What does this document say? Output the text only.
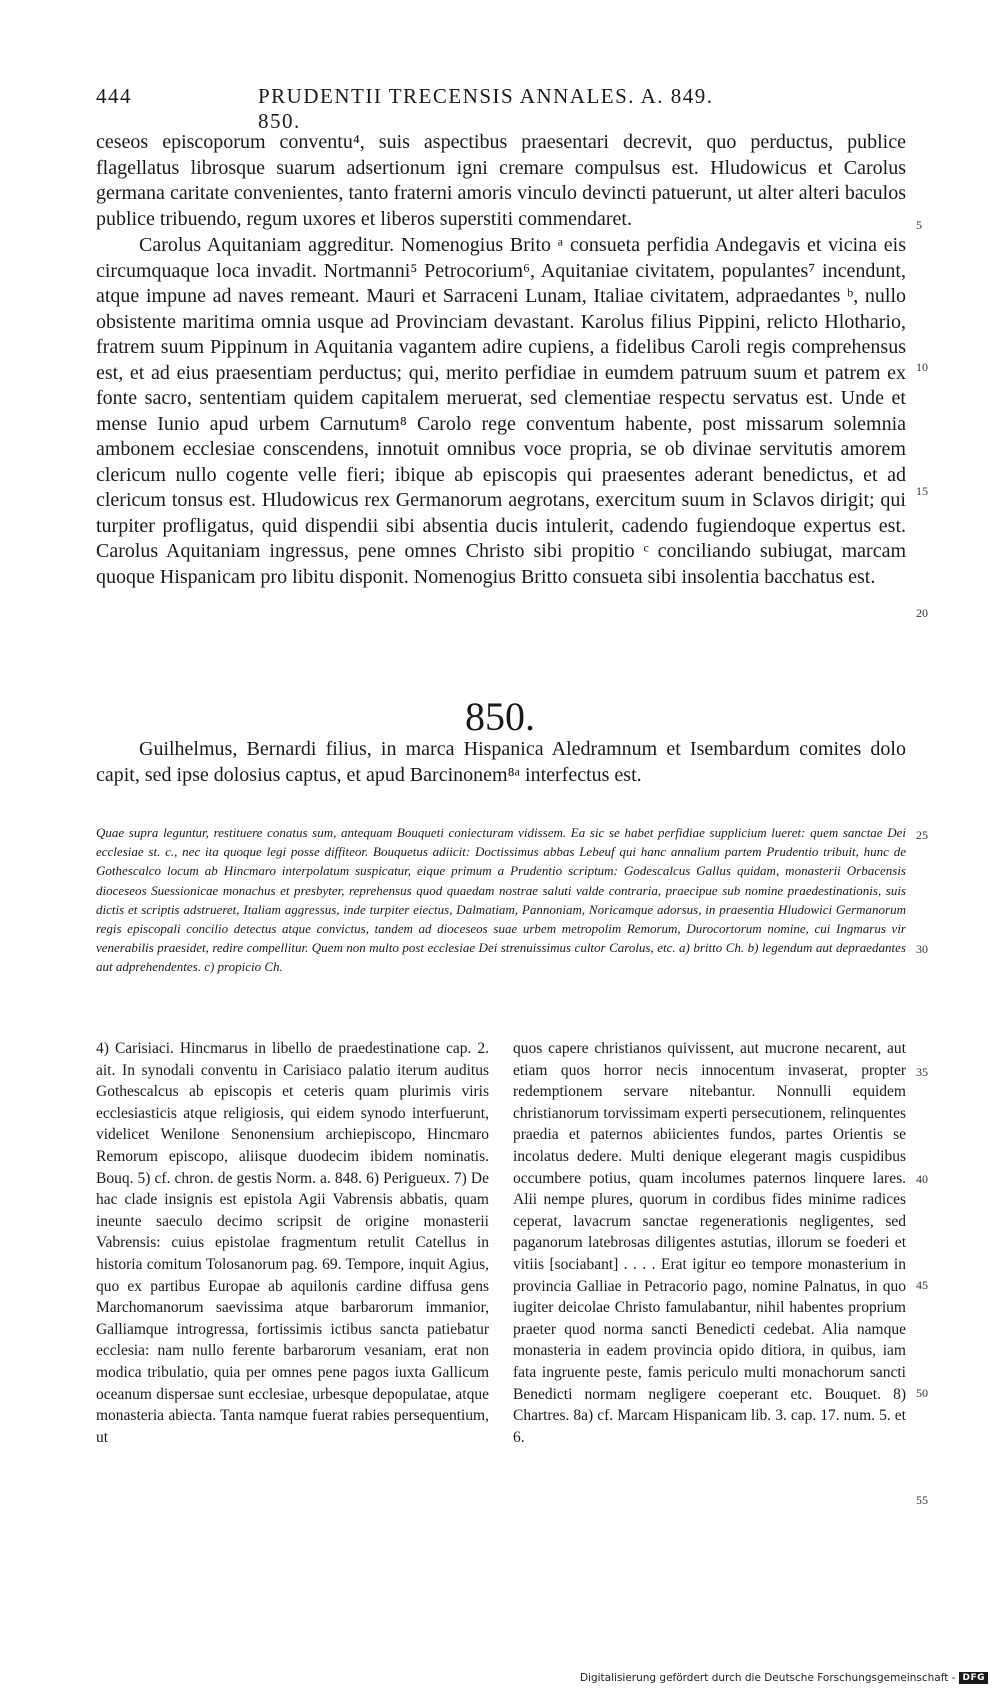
444	PRUDENTII TRECENSIS ANNALES. A. 849. 850.

ceseos episcoporum conventu⁴, suis aspectibus praesentari decrevit, quo perductus, publice flagellatus librosque suarum adsertionum igni cremare compulsus est. Hludowicus et Carolus germana caritate convenientes, tanto fraterni amoris vinculo devincti patuerunt, ut alter alteri baculos publice tribuendo, regum uxores et liberos superstiti commendaret.

Carolus Aquitaniam aggreditur. Nomenogius Brito ᵃ consueta perfidia Andegavis et vicina eis circumquaque loca invadit. Nortmanni⁵ Petrocorium⁶, Aquitaniae civitatem, populantes⁷ incendunt, atque impune ad naves remeant. Mauri et Sarraceni Lunam, Italiae civitatem, adpraedantes ᵇ, nullo obsistente maritima omnia usque ad Provinciam devastant. Karolus filius Pippini, relicto Hlothario, fratrem suum Pippinum in Aquitania vagantem adire cupiens, a fidelibus Caroli regis comprehensus est, et ad eius praesentiam perductus; qui, merito perfidiae in eumdem patruum suum et patrem ex fonte sacro, sententiam quidem capitalem meruerat, sed clementiae respectu servatus est. Unde et mense Iunio apud urbem Carnutum⁸ Carolo rege conventum habente, post missarum solemnia ambonem ecclesiae conscendens, innotuit omnibus voce propria, se ob divinae servitutis amorem clericum nullo cogente velle fieri; ibique ab episcopis qui praesentes aderant benedictus, et ad clericum tonsus est. Hludowicus rex Germanorum aegrotans, exercitum suum in Sclavos dirigit; qui turpiter profligatus, quid dispendii sibi absentia ducis intulerit, cadendo fugiendoque expertus est. Carolus Aquitaniam ingressus, pene omnes Christo sibi propitio ᶜ conciliando subiugat, marcam quoque Hispanicam pro libitu disponit. Nomenogius Britto consueta sibi insolentia bacchatus est.

850.

Guilhelmus, Bernardi filius, in marca Hispanica Aledramnum et Isembardum comites dolo capit, sed ipse dolosius captus, et apud Barcinonem⁸ᵃ interfectus est.

Quae supra leguntur, restituere conatus sum, antequam Bouqueti coniecturam vidissem. Ea sic se habet perfidiae supplicium lueret: quem sanctae Dei ecclesiae st. c., nec ita quoque legi posse diffiteor. Bouquetus adiicit: Doctissimus abbas Lebeuf qui hanc annalium partem Prudentio tribuit, hunc de Gothescalco locum ab Hincmaro interpolatum suspicatur, eique primum a Prudentio scriptum: Godescalcus Gallus quidam, monasterii Orbacensis dioceseos Suessionicae monachus et presbyter, reprehensus quod quaedam nostrae saluti valde contraria, praecipue sub nomine praedestinationis, suis dictis et scriptis adstrueret, Italiam aggressus, inde turpiter eiectus, Dalmatiam, Pannoniam, Noricamque adorsus, in praesentia Hludowici Germanorum regis episcopali concilio detectus atque convictus, tandem ad dioceseos suae urbem metropolim Remorum, Durocortorum nomine, cui Ingmarus vir venerabilis praesidet, redire compellitur. Quem non multo post ecclesiae Dei strenuissimus cultor Carolus, etc. a) britto Ch. b) legendum aut depraedantes aut adprehendentes. c) propicio Ch.

4) Carisiaci. Hincmarus in libello de praedestinatione cap. 2. ait. In synodali conventu in Carisiaco palatio iterum auditus Gothescalcus ab episcopis et ceteris quam plurimis viris ecclesiasticis atque religiosis, qui eidem synodo interfuerunt, videlicet Wenilone Senonensium archiepiscopo, Hincmaro Remorum episcopo, aliisque duodecim ibidem nominatis. Bouq. 5) cf. chron. de gestis Norm. a. 848. 6) Perigueux. 7) De hac clade insignis est epistola Agii Vabrensis abbatis, quam ineunte saeculo decimo scripsit de origine monasterii Vabrensis: cuius epistolae fragmentum retulit Catellus in historia comitum Tolosanorum pag. 69. Tempore, inquit Agius, quo ex partibus Europae ab aquilonis cardine diffusa gens Marchomanorum saevissima atque barbarorum immanior, Galliamque introgressa, fortissimis ictibus sancta patiebatur ecclesia: nam nullo ferente barbarorum vesaniam, erat non modica tribulatio, quia per omnes pene pagos iuxta Gallicum oceanum dispersae sunt ecclesiae, urbesque depopulatae, atque monasteria abiecta. Tanta namque fuerat rabies persequentium, ut

quos capere christianos quivissent, aut mucrone necarent, aut etiam quos horror necis innocentum invaserat, propter redemptionem servare nitebantur. Nonnulli equidem christianorum torvissimam experti persecutionem, relinquentes praedia et paternos abiicientes fundos, partes Orientis se incolatus dedere. Multi denique elegerant magis cuspidibus occumbere potius, quam incolumes paternos linquere lares. Alii nempe plures, quorum in cordibus fides minime radices ceperat, lavacrum sanctae regenerationis negligentes, sed paganorum latebrosas diligentes astutias, illorum se foederi et vitiis [sociabant] . . . . Erat igitur eo tempore monasterium in provincia Galliae in Petracorio pago, nomine Palnatus, in quo iugiter deicolae Christo famulabantur, nihil habentes proprium praeter quod norma sancti Benedicti cedebat. Alia namque monasteria in eadem provincia opido ditiora, in quibus, iam fata ingruente peste, famis periculo multi monachorum sancti Benedicti normam negligere coeperant etc. Bouquet. 8) Chartres. 8a) cf. Marcam Hispanicam lib. 3. cap. 17. num. 5. et 6.

5
10
15
20
25
30
35
40
45
50
55
Digitalisierung gefördert durch die Deutsche Forschungsgemeinschaft - DFG
